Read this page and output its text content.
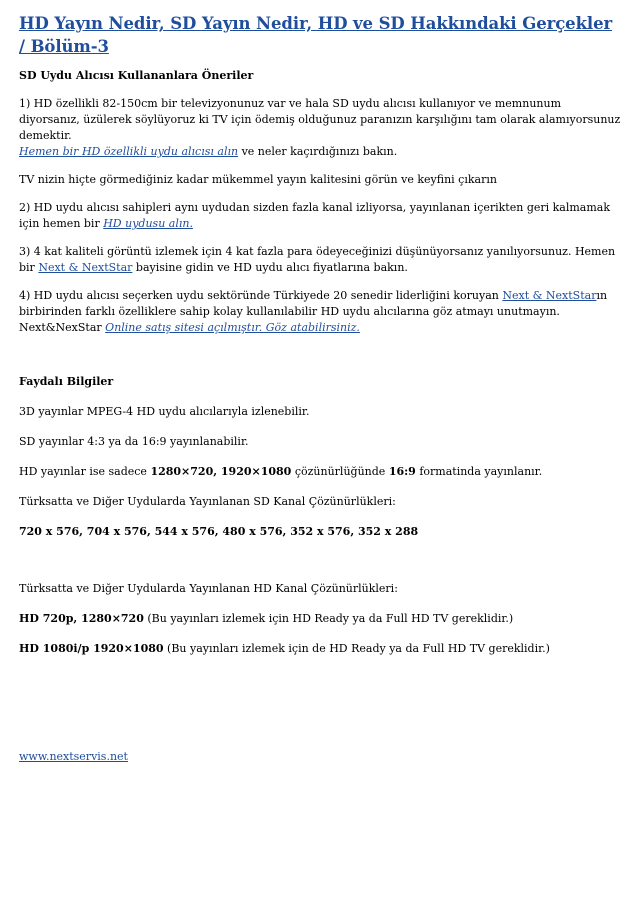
HD Yayın Nedir, SD Yayın Nedir, HD ve SD Hakkındaki Gerçekler / Bölüm-3

SD Uydu Alıcısı Kullananlara Öneriler

1) HD özellikli 82-150cm bir televizyonunuz var ve hala SD uydu alıcısı kullanıyor ve memnunum diyorsanız, üzülerek söylüyoruz ki TV için ödemiş olduğunuz paranızın karşılığını tam olarak alamıyorsunuz demektir.
Hemen bir HD özellikli uydu alıcısı alın ve neler kaçırdığınızı bakın.

TV nizin hiçte görmediğiniz kadar mükemmel yayın kalitesini görün ve keyfini çıkarın

2) HD uydu alıcısı sahipleri aynı uydudan sizden fazla kanal izliyorsa, yayınlanan içerikten geri kalmamak için hemen bir HD uydusu alın.

3) 4 kat kaliteli görüntü izlemek için 4 kat fazla para ödeyeceğinizi düşünüyorsanız yanılıyorsunuz. Hemen bir Next & NextStar bayisine gidin ve HD uydu alıcı fiyatlarına bakın.

4) HD uydu alıcısı seçerken uydu sektöründe Türkiyede 20 senedir liderliğini koruyan Next & NextStarın birbirinden farklı özelliklere sahip kolay kullanılabilir HD uydu alıcılarına göz atmayı unutmayın.
Next&NexStar Online satış sitesi açılmıştır. Göz atabilirsiniz.

Faydalı Bilgiler

3D yayınlar MPEG-4 HD uydu alıcılarıyla izlenebilir.

SD yayınlar 4:3 ya da 16:9 yayınlanabilir.

HD yayınlar ise sadece 1280×720, 1920×1080 çözünürlüğünde 16:9 formatinda yayınlanır.

Türksatta ve Diğer Uydularda Yayınlanan SD Kanal Çözünürlükleri:

720 x 576, 704 x 576, 544 x 576, 480 x 576, 352 x 576, 352 x 288

Türksatta ve Diğer Uydularda Yayınlanan HD Kanal Çözünürlükleri:

HD 720p, 1280×720 (Bu yayınları izlemek için HD Ready ya da Full HD TV gereklidir.)

HD 1080i/p 1920×1080 (Bu yayınları izlemek için de HD Ready ya da Full HD TV gereklidir.)

www.nextservis.net
